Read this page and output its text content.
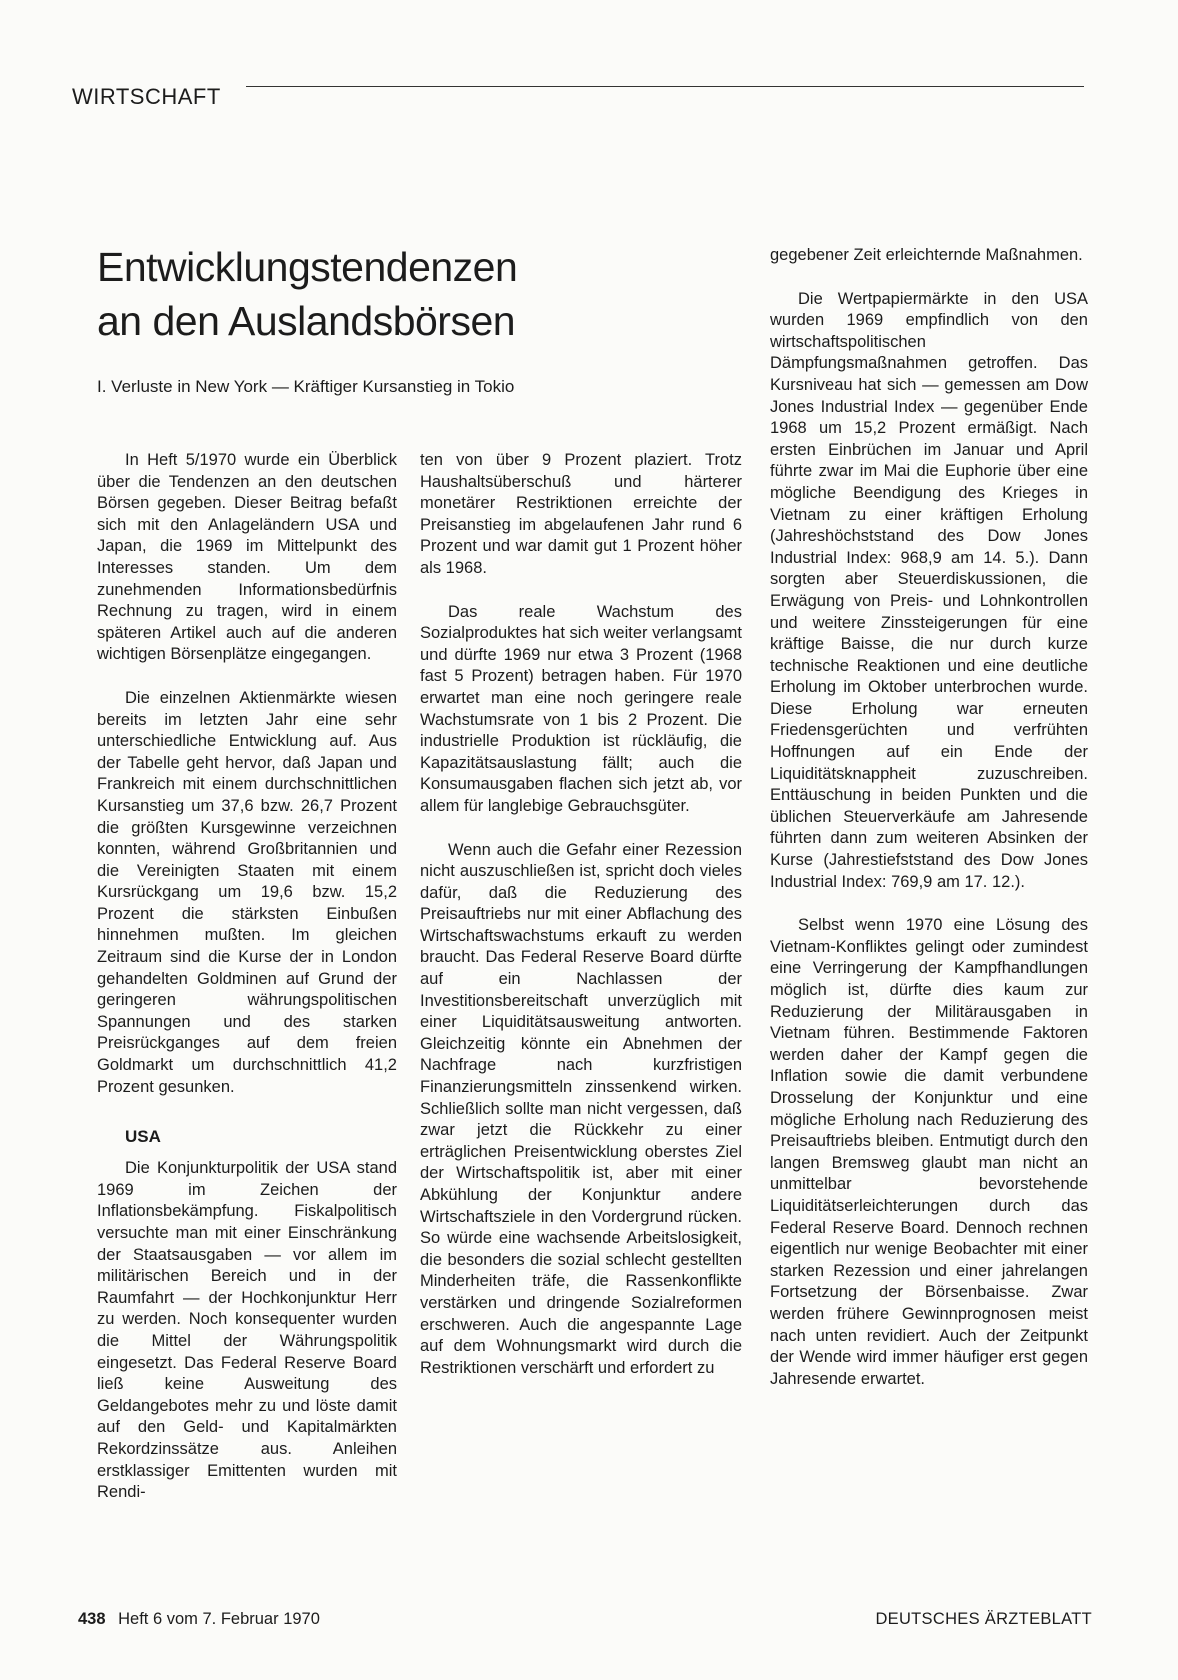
WIRTSCHAFT
Entwicklungstendenzen
an den Auslandsbörsen
I. Verluste in New York — Kräftiger Kursanstieg in Tokio

In Heft 5/1970 wurde ein Überblick über die Tendenzen an den deutschen Börsen gegeben. Dieser Beitrag befaßt sich mit den Anlageländern USA und Japan, die 1969 im Mittelpunkt des Interesses standen. Um dem zunehmenden Informationsbedürfnis Rechnung zu tragen, wird in einem späteren Artikel auch auf die anderen wichtigen Börsenplätze eingegangen.

Die einzelnen Aktienmärkte wiesen bereits im letzten Jahr eine sehr unterschiedliche Entwicklung auf. Aus der Tabelle geht hervor, daß Japan und Frankreich mit einem durchschnittlichen Kursanstieg um 37,6 bzw. 26,7 Prozent die größten Kursgewinne verzeichnen konnten, während Großbritannien und die Vereinigten Staaten mit einem Kursrückgang um 19,6 bzw. 15,2 Prozent die stärksten Einbußen hinnehmen mußten. Im gleichen Zeitraum sind die Kurse der in London gehandelten Goldminen auf Grund der geringeren währungspolitischen Spannungen und des starken Preisrückganges auf dem freien Goldmarkt um durchschnittlich 41,2 Prozent gesunken.

USA

Die Konjunkturpolitik der USA stand 1969 im Zeichen der Inflationsbekämpfung. Fiskalpolitisch versuchte man mit einer Einschränkung der Staatsausgaben — vor allem im militärischen Bereich und in der Raumfahrt — der Hochkonjunktur Herr zu werden. Noch konsequenter wurden die Mittel der Währungspolitik eingesetzt. Das Federal Reserve Board ließ keine Ausweitung des Geldangebotes mehr zu und löste damit auf den Geld- und Kapitalmärkten Rekordzinssätze aus. Anleihen erstklassiger Emittenten wurden mit Rendi-

ten von über 9 Prozent plaziert. Trotz Haushaltsüberschuß und härterer monetärer Restriktionen erreichte der Preisanstieg im abgelaufenen Jahr rund 6 Prozent und war damit gut 1 Prozent höher als 1968.

Das reale Wachstum des Sozialproduktes hat sich weiter verlangsamt und dürfte 1969 nur etwa 3 Prozent (1968 fast 5 Prozent) betragen haben. Für 1970 erwartet man eine noch geringere reale Wachstumsrate von 1 bis 2 Prozent. Die industrielle Produktion ist rückläufig, die Kapazitätsauslastung fällt; auch die Konsumausgaben flachen sich jetzt ab, vor allem für langlebige Gebrauchsgüter.

Wenn auch die Gefahr einer Rezession nicht auszuschließen ist, spricht doch vieles dafür, daß die Reduzierung des Preisauftriebs nur mit einer Abflachung des Wirtschaftswachstums erkauft zu werden braucht. Das Federal Reserve Board dürfte auf ein Nachlassen der Investitionsbereitschaft unverzüglich mit einer Liquiditätsausweitung antworten. Gleichzeitig könnte ein Abnehmen der Nachfrage nach kurzfristigen Finanzierungsmitteln zinssenkend wirken. Schließlich sollte man nicht vergessen, daß zwar jetzt die Rückkehr zu einer erträglichen Preisentwicklung oberstes Ziel der Wirtschaftspolitik ist, aber mit einer Abkühlung der Konjunktur andere Wirtschaftsziele in den Vordergrund rücken. So würde eine wachsende Arbeitslosigkeit, die besonders die sozial schlecht gestellten Minderheiten träfe, die Rassenkonflikte verstärken und dringende Sozialreformen erschweren. Auch die angespannte Lage auf dem Wohnungsmarkt wird durch die Restriktionen verschärft und erfordert zu

gegebener Zeit erleichternde Maßnahmen.

Die Wertpapiermärkte in den USA wurden 1969 empfindlich von den wirtschaftspolitischen Dämpfungsmaßnahmen getroffen. Das Kursniveau hat sich — gemessen am Dow Jones Industrial Index — gegenüber Ende 1968 um 15,2 Prozent ermäßigt. Nach ersten Einbrüchen im Januar und April führte zwar im Mai die Euphorie über eine mögliche Beendigung des Krieges in Vietnam zu einer kräftigen Erholung (Jahreshöchststand des Dow Jones Industrial Index: 968,9 am 14. 5.). Dann sorgten aber Steuerdiskussionen, die Erwägung von Preis- und Lohnkontrollen und weitere Zinssteigerungen für eine kräftige Baisse, die nur durch kurze technische Reaktionen und eine deutliche Erholung im Oktober unterbrochen wurde. Diese Erholung war erneuten Friedensgerüchten und verfrühten Hoffnungen auf ein Ende der Liquiditätsknappheit zuzuschreiben. Enttäuschung in beiden Punkten und die üblichen Steuerverkäufe am Jahresende führten dann zum weiteren Absinken der Kurse (Jahrestiefststand des Dow Jones Industrial Index: 769,9 am 17. 12.).

Selbst wenn 1970 eine Lösung des Vietnam-Konfliktes gelingt oder zumindest eine Verringerung der Kampfhandlungen möglich ist, dürfte dies kaum zur Reduzierung der Militärausgaben in Vietnam führen. Bestimmende Faktoren werden daher der Kampf gegen die Inflation sowie die damit verbundene Drosselung der Konjunktur und eine mögliche Erholung nach Reduzierung des Preisauftriebs bleiben. Entmutigt durch den langen Bremsweg glaubt man nicht an unmittelbar bevorstehende Liquiditätserleichterungen durch das Federal Reserve Board. Dennoch rechnen eigentlich nur wenige Beobachter mit einer starken Rezession und einer jahrelangen Fortsetzung der Börsenbaisse. Zwar werden frühere Gewinnprognosen meist nach unten revidiert. Auch der Zeitpunkt der Wende wird immer häufiger erst gegen Jahresende erwartet.

438 Heft 6 vom 7. Februar 1970	DEUTSCHES ÄRZTEBLATT
